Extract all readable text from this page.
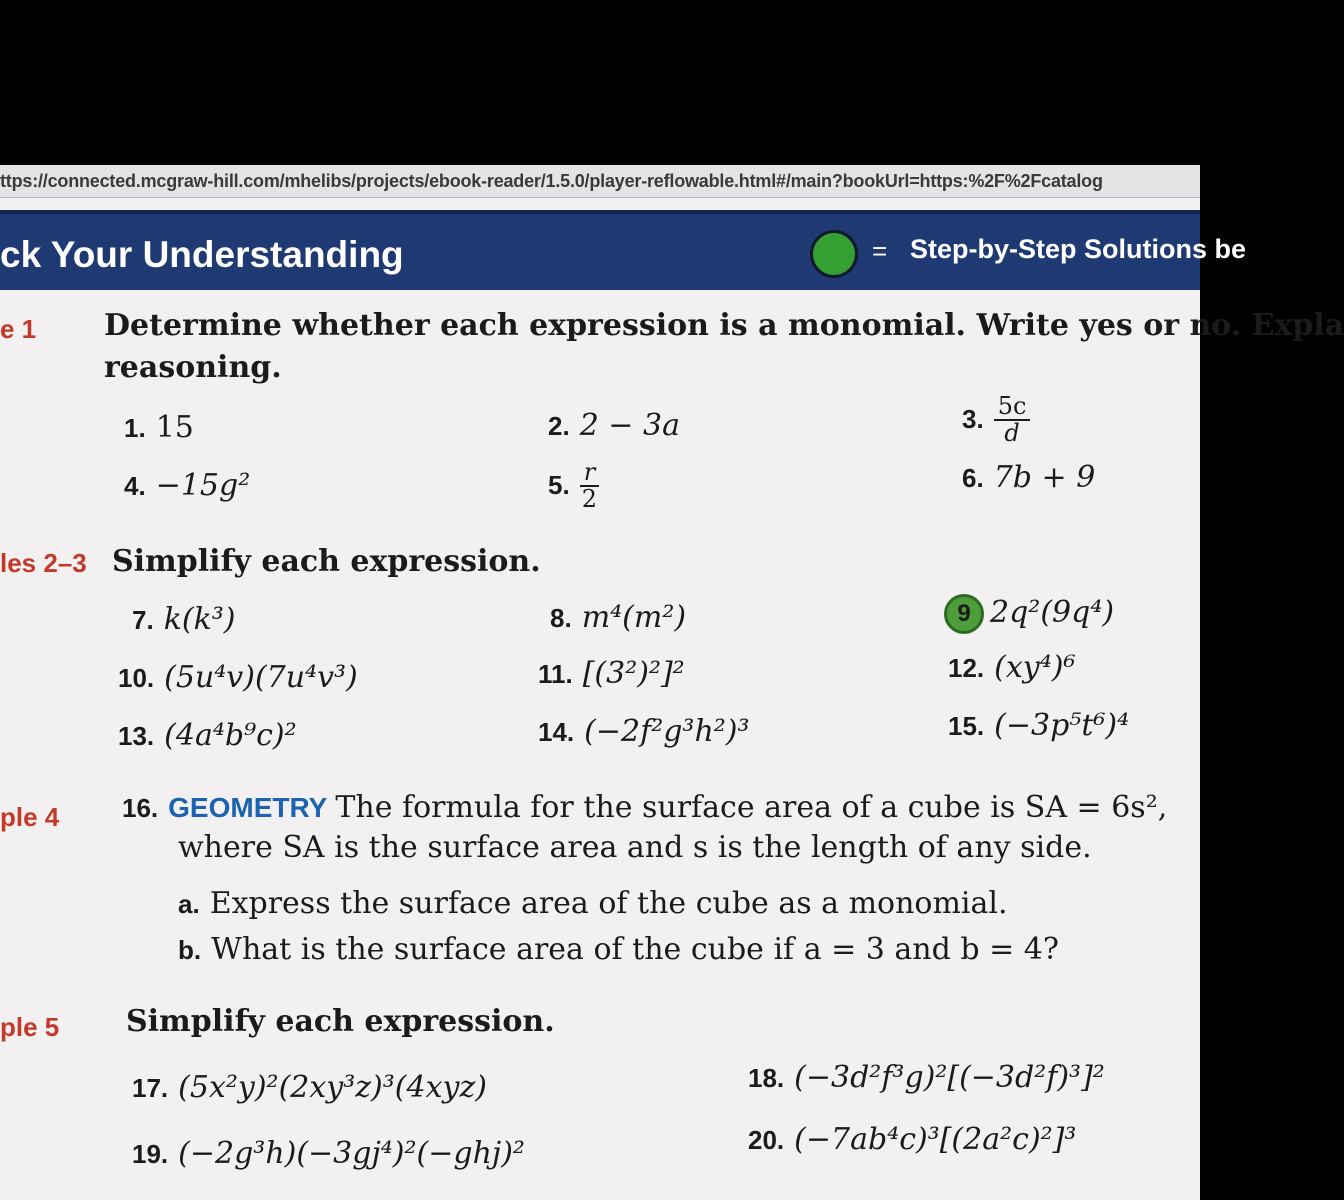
ttps://connected.mcgraw-hill.com/mhelibs/projects/ebook-reader/1.5.0/player-reflowable.html#/main?bookUrl=https:%2F%2Fcatalog
ck Your Understanding	= Step-by-Step Solutions be
e 1 Determine whether each expression is a monomial. Write yes or no. Expla
reasoning.
1. 15	2. 2 − 3a	3. $\frac{5c}{d}$
4. −15g²	5. $\frac{r}{2}$	6. 7b + 9
les 2–3 Simplify each expression.
7. k(k³)	8. m⁴(m²)	9 2q²(9q⁴)
10. (5u⁴v)(7u⁴v³)	11. [(3²)²]²	12. (xy⁴)⁶
13. (4a⁴b⁹c)²	14. (−2f²g³h²)³	15. (−3p⁵t⁶)⁴
ple 4 16. GEOMETRY The formula for the surface area of a cube is SA = 6s²,
where SA is the surface area and s is the length of any side.
a. Express the surface area of the cube as a monomial.
b. What is the surface area of the cube if a = 3 and b = 4?
ple 5 Simplify each expression.
17. (5x²y)²(2xy³z)³(4xyz)	18. (−3d²f³g)²[(−3d²f)³]²
19. (−2g³h)(−3gj⁴)²(−ghj)²	20. (−7ab⁴c)³[(2a²c)²]³
